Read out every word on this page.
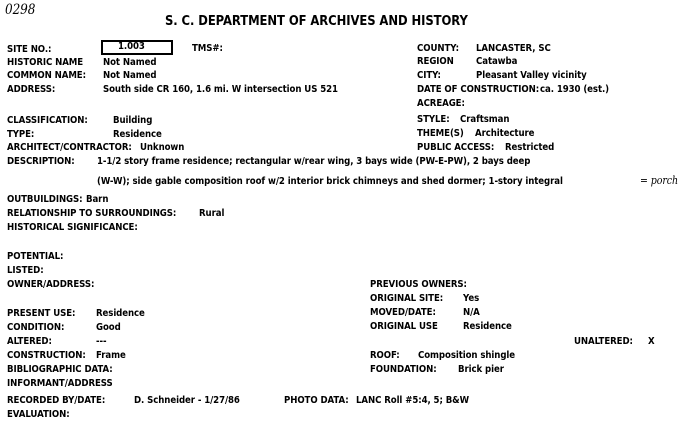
0298
S. C. DEPARTMENT OF ARCHIVES AND HISTORY
SITE NO.:	1.003	TMS#:
HISTORIC NAME Not Named
COMMON NAME: Not Named
ADDRESS:	South side CR 160, 1.6 mi. W intersection US 521
COUNTY: LANCASTER, SC
REGION Catawba
CITY:	Pleasant Valley vicinity
DATE OF CONSTRUCTION: ca. 1930 (est.)
ACREAGE:
CLASSIFICATION:	Building
TYPE:	Residence
ARCHITECT/CONTRACTOR: Unknown
STYLE: Craftsman
THEME(S) Architecture
PUBLIC ACCESS: Restricted
DESCRIPTION: 1-1/2 story frame residence; rectangular w/rear wing, 3 bays wide (PW-E-PW), 2 bays deep
(W-W); side gable composition roof w/2 interior brick chimneys and shed dormer; 1-story integral	= porch
OUTBUILDINGS: Barn
RELATIONSHIP TO SURROUNDINGS: Rural
HISTORICAL SIGNIFICANCE:
POTENTIAL:
LISTED:
OWNER/ADDRESS:	PREVIOUS OWNERS:
ORIGINAL SITE: Yes
MOVED/DATE:	N/A
ORIGINAL USE	Residence
PRESENT USE: Residence
CONDITION:	Good
ALTERED:	---	UNALTERED: X
CONSTRUCTION: Frame	ROOF: Composition shingle
BIBLIOGRAPHIC DATA:	FOUNDATION: Brick pier
INFORMANT/ADDRESS
RECORDED BY/DATE:	D. Schneider - 1/27/86	PHOTO DATA: LANC Roll #5:4, 5; B&W
EVALUATION:
